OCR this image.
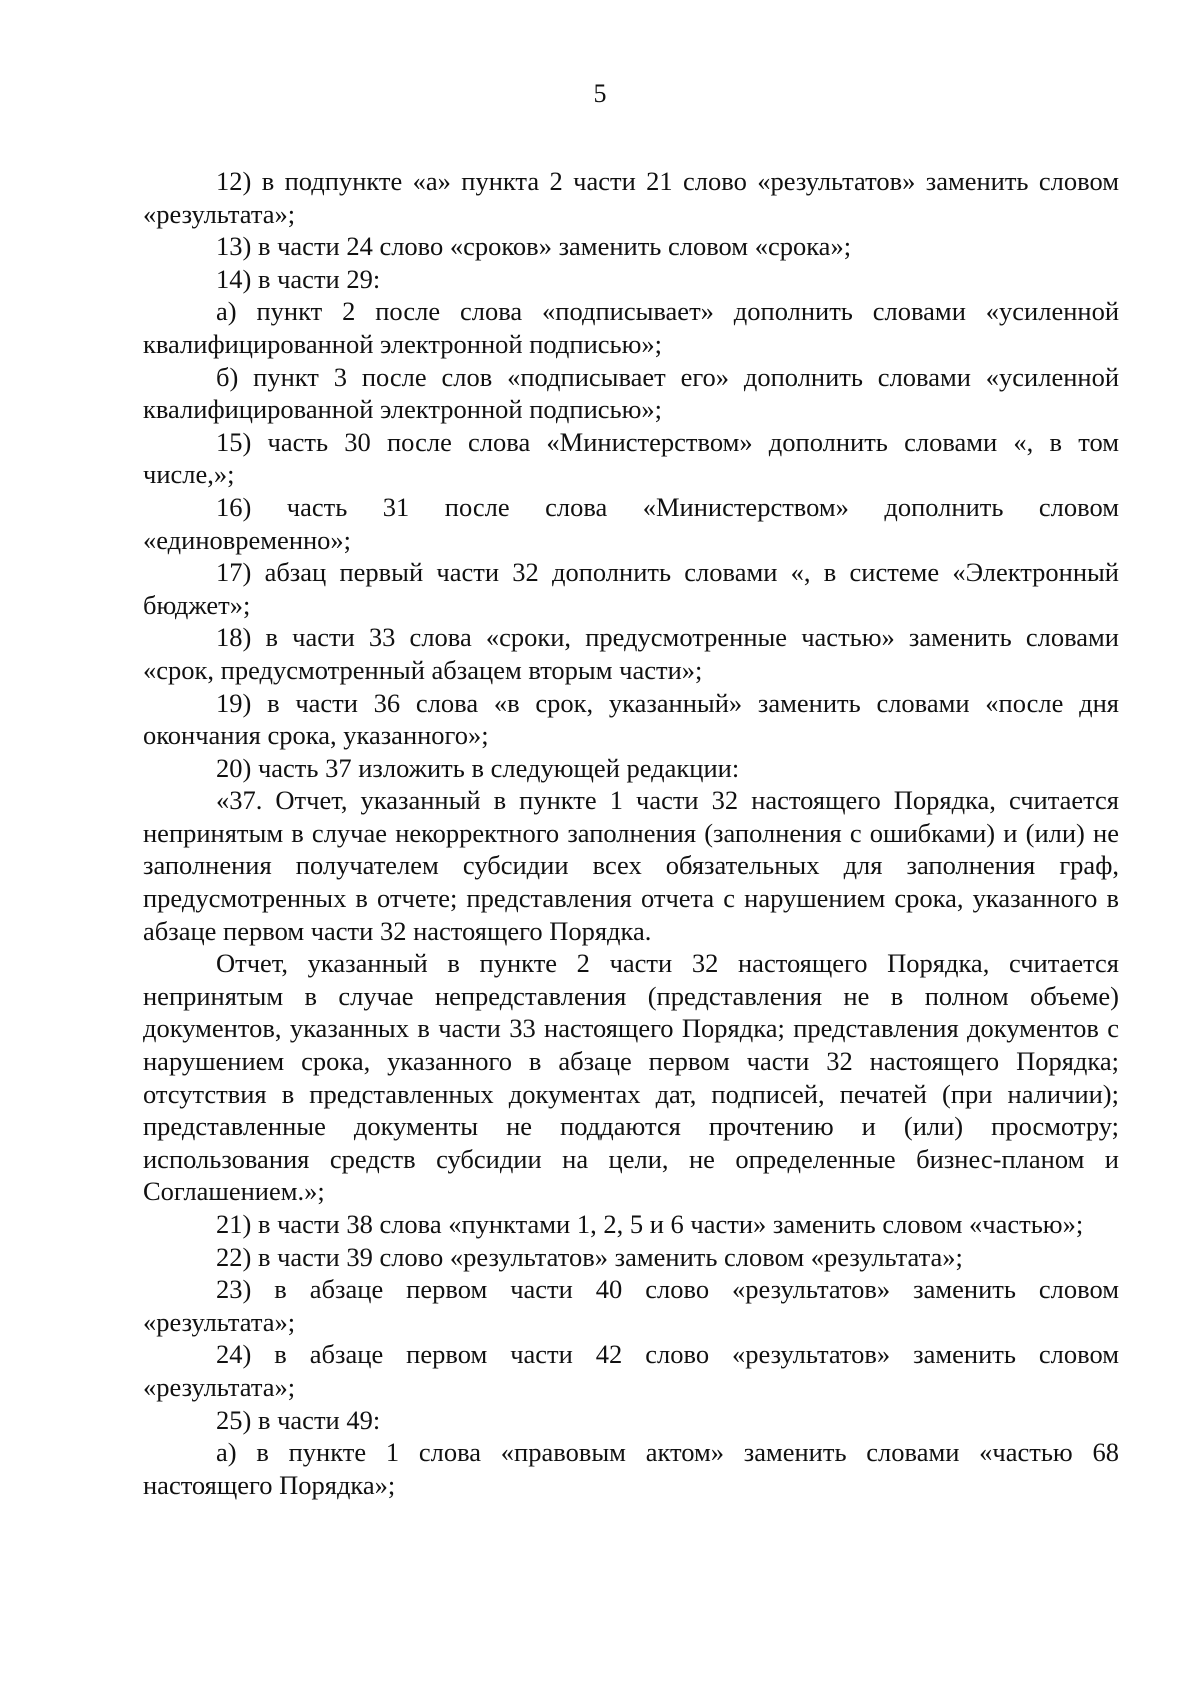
5

12) в подпункте «а» пункта 2 части 21 слово «результатов» заменить словом «результата»;

13) в части 24 слово «сроков» заменить словом «срока»;

14) в части 29:

а) пункт 2 после слова «подписывает» дополнить словами «усиленной квалифицированной электронной подписью»;

б) пункт 3 после слов «подписывает его» дополнить словами «усиленной квалифицированной электронной подписью»;

15) часть 30 после слова «Министерством» дополнить словами «, в том числе,»;

16) часть 31 после слова «Министерством» дополнить словом «единовременно»;

17) абзац первый части 32 дополнить словами «, в системе «Электронный бюджет»;

18) в части 33 слова «сроки, предусмотренные частью» заменить словами «срок, предусмотренный абзацем вторым части»;

19) в части 36 слова «в срок, указанный» заменить словами «после дня окончания срока, указанного»;

20) часть 37 изложить в следующей редакции:

«37. Отчет, указанный в пункте 1 части 32 настоящего Порядка, считается непринятым в случае некорректного заполнения (заполнения с ошибками) и (или) не заполнения получателем субсидии всех обязательных для заполнения граф, предусмотренных в отчете; представления отчета с нарушением срока, указанного в абзаце первом части 32 настоящего Порядка.

Отчет, указанный в пункте 2 части 32 настоящего Порядка, считается непринятым в случае непредставления (представления не в полном объеме) документов, указанных в части 33 настоящего Порядка; представления документов с нарушением срока, указанного в абзаце первом части 32 настоящего Порядка; отсутствия в представленных документах дат, подписей, печатей (при наличии); представленные документы не поддаются прочтению и (или) просмотру; использования средств субсидии на цели, не определенные бизнес-планом и Соглашением.»;

21) в части 38 слова «пунктами 1, 2, 5 и 6 части» заменить словом «частью»;

22) в части 39 слово «результатов» заменить словом «результата»;

23) в абзаце первом части 40 слово «результатов» заменить словом «результата»;

24) в абзаце первом части 42 слово «результатов» заменить словом «результата»;

25) в части 49:

а) в пункте 1 слова «правовым актом» заменить словами «частью 68 настоящего Порядка»;
